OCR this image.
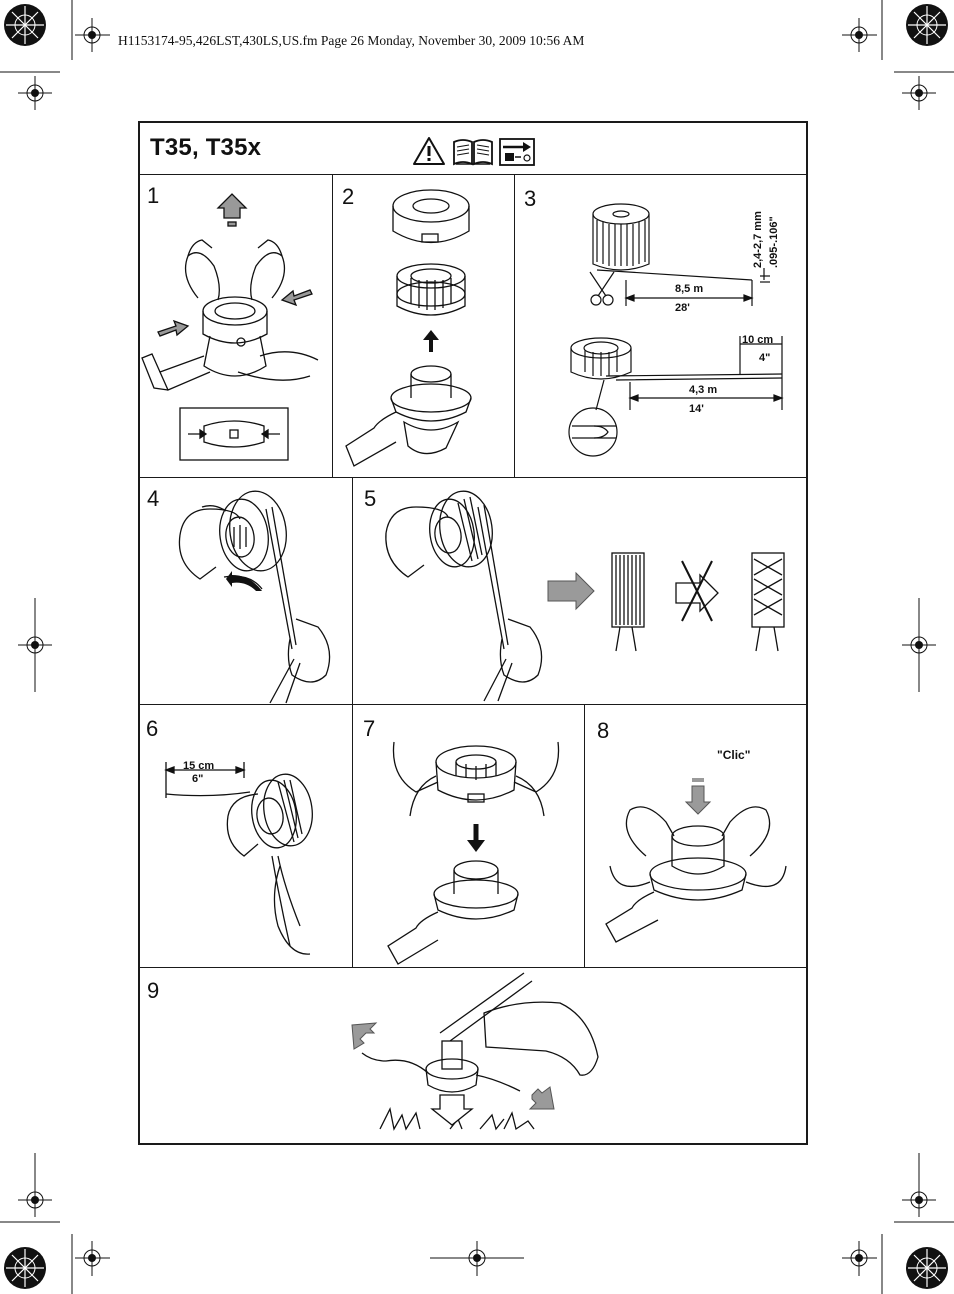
H1153174-95,426LST,430LS,US.fm Page 26 Monday, November 30, 2009 10:56 AM
T35, T35x
1	2	3
4	5
6	7	8
9
2,4-2,7 mm .095-.106"
8,5 m
28'
10 cm
4"
4,3 m
14'
15 cm
6"
"Clic"
